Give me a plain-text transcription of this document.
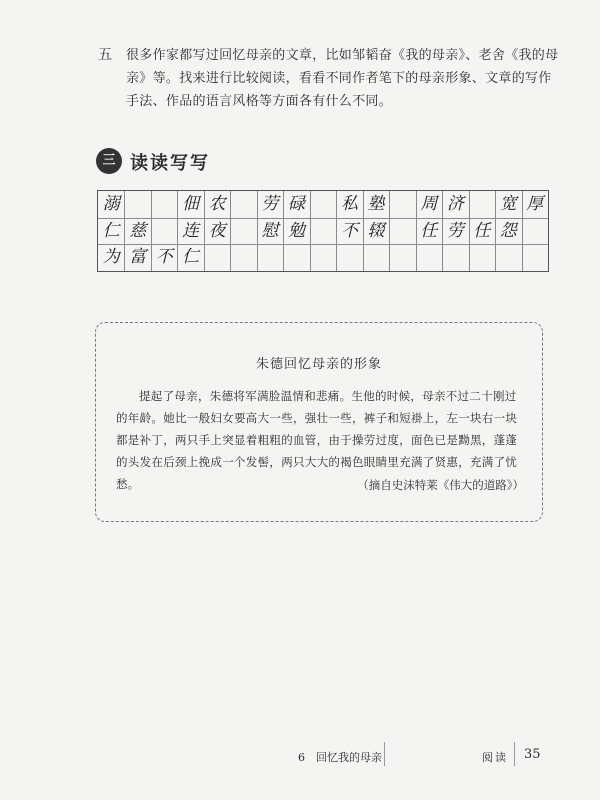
五 很多作家都写过回忆母亲的文章，比如邹韬奋《我的母亲》、老舍《我的母亲》等。找来进行比较阅读，看看不同作者笔下的母亲形象、文章的写作手法、作品的语言风格等方面各有什么不同。
三 读读写写
溺	佃 农 劳 碌 私 塾 周 济 宽 厚
仁 慈 连 夜 慰 勉 不 辍 任 劳 任 怨
为 富 不 仁
朱德回忆母亲的形象
提起了母亲，朱德将军满脸温情和悲痛。生他的时候，母亲不过二十刚过的年龄。她比一般妇女要高大一些，强壮一些，裤子和短褂上，左一块右一块都是补丁，两只手上突显着粗粗的血管，由于操劳过度，面色已是黝黑，蓬蓬的头发在后颈上挽成一个发髻，两只大大的褐色眼睛里充满了贤惠，充满了忧愁。	（摘自史沫特莱《伟大的道路》）
6　回忆我的母亲	阅读 35
